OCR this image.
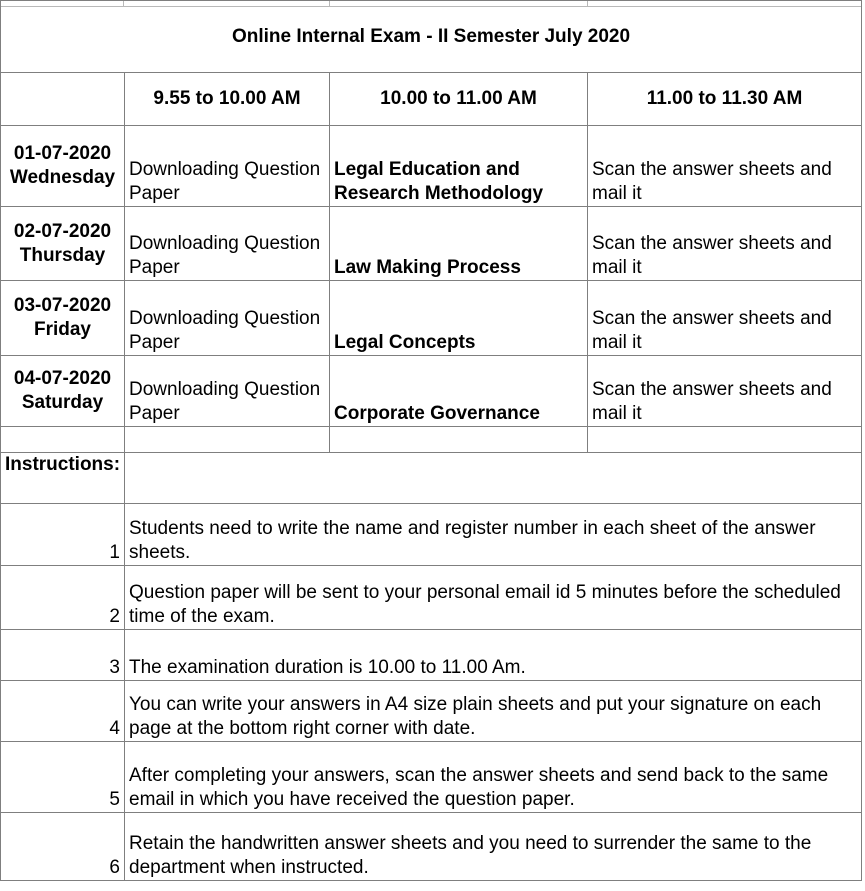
Online Internal Exam - II Semester July 2020			
	9.55 to 10.00 AM	10.00 to 11.00 AM	11.00 to 11.30 AM

01-07-2020
Wednesday	Downloading Question Paper	Legal Education and Research Methodology	Scan the answer sheets and mail it

02-07-2020
Thursday	Downloading Question Paper	Law Making Process	Scan the answer sheets and mail it

03-07-2020
Friday	Downloading Question Paper	Legal Concepts	Scan the answer sheets and mail it

04-07-2020
Saturday	Downloading Question Paper	Corporate Governance	Scan the answer sheets and mail it

Instructions:			
1	Students need to write the name and register number in each sheet of the answer sheets.		
2	Question paper will be sent to your personal email id 5 minutes before the scheduled time of the exam.		
3	The examination duration is 10.00 to 11.00 Am.		
4	You can write your answers in A4 size plain sheets and put your signature on each page at the bottom right corner with date.		
5	After completing your answers, scan the answer sheets and send back to the same email in which you have received the question paper.		
6	Retain the handwritten answer sheets and you need to surrender the same to the department when instructed.		
